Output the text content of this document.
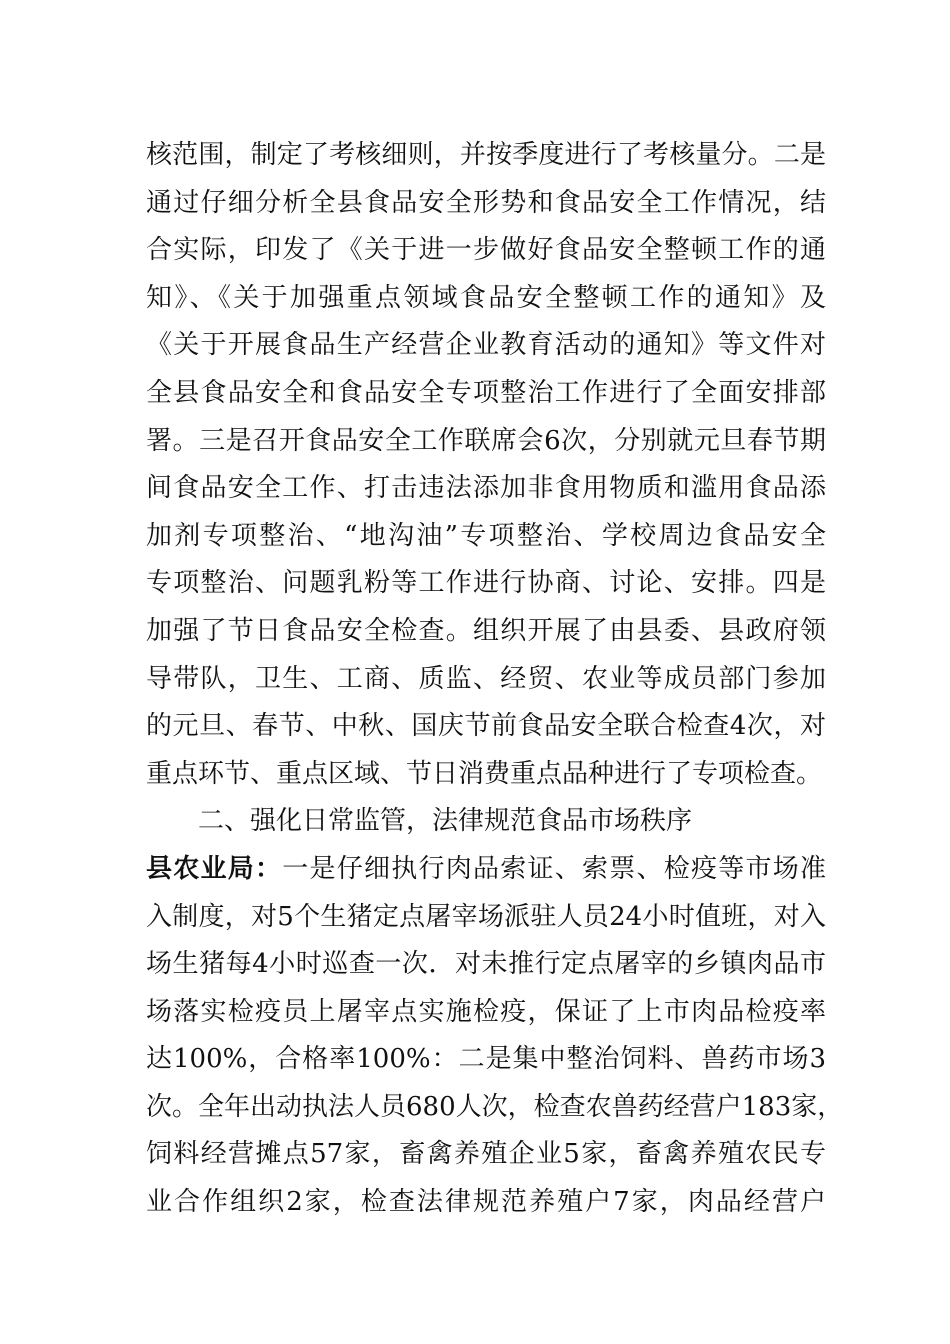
核范围，制定了考核细则，并按季度进行了考核量分。二是
通过仔细分析全县食品安全形势和食品安全工作情况，结
合实际，印发了《关于进一步做好食品安全整顿工作的通
知》、《关于加强重点领域食品安全整顿工作的通知》及
《关于开展食品生产经营企业教育活动的通知》等文件对
全县食品安全和食品安全专项整治工作进行了全面安排部
署。三是召开食品安全工作联席会6次，分别就元旦春节期
间食品安全工作、打击违法添加非食用物质和滥用食品添
加剂专项整治、“地沟油”专项整治、学校周边食品安全
专项整治、问题乳粉等工作进行协商、讨论、安排。四是
加强了节日食品安全检查。组织开展了由县委、县政府领
导带队，卫生、工商、质监、经贸、农业等成员部门参加
的元旦、春节、中秋、国庆节前食品安全联合检查4次，对
重点环节、重点区域、节日消费重点品种进行了专项检查。
二、强化日常监管，法律规范食品市场秩序
县农业局：一是仔细执行肉品索证、索票、检疫等市场准
入制度，对5个生猪定点屠宰场派驻人员24小时值班，对入
场生猪每4小时巡查一次．对未推行定点屠宰的乡镇肉品市
场落实检疫员上屠宰点实施检疫，保证了上市肉品检疫率
达100%，合格率100%：二是集中整治饲料、兽药市场3
次。全年出动执法人员680人次，检查农兽药经营户183家，
饲料经营摊点57家，畜禽养殖企业5家，畜禽养殖农民专
业合作组织2家，检查法律规范养殖户7家，肉品经营户
